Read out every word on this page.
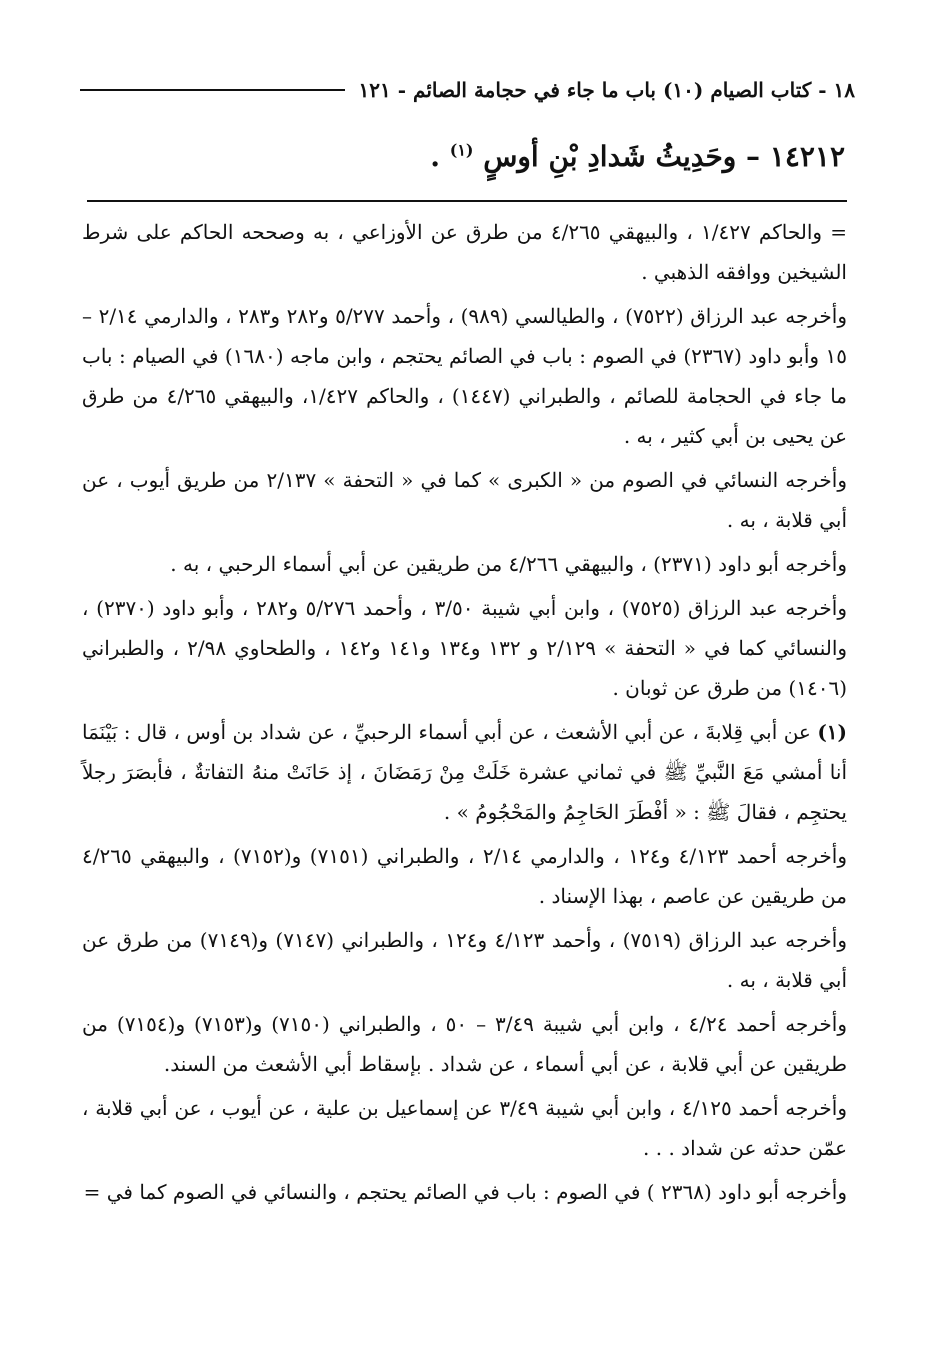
١٨ - كتاب الصيام (١٠) باب ما جاء في حجامة الصائم
-
١٢١
١٤٢١٢ – وحَدِيثُ شَدادِ بْنِ أوسٍ $^{(١)}$ .

= والحاكم ١/٤٢٧ ، والبيهقي ٤/٢٦٥ من طرق عن الأوزاعي ، به وصححه الحاكم على شرط الشيخين ووافقه الذهبي .

وأخرجه عبد الرزاق (٧٥٢٢) ، والطيالسي (٩٨٩) ، وأحمد ٥/٢٧٧ و٢٨٢ و٢٨٣ ، والدارمي ٢/١٤ – ١٥ وأبو داود (٢٣٦٧) في الصوم : باب في الصائم يحتجم ، وابن ماجه (١٦٨٠) في الصيام : باب ما جاء في الحجامة للصائم ، والطبراني (١٤٤٧) ، والحاكم ١/٤٢٧، والبيهقي ٤/٢٦٥ من طرق عن يحيى بن أبي كثير ، به .

وأخرجه النسائي في الصوم من « الكبرى » كما في « التحفة » ٢/١٣٧ من طريق أيوب ، عن أبي قلابة ، به .

وأخرجه أبو داود (٢٣٧١) ، والبيهقي ٤/٢٦٦ من طريقين عن أبي أسماء الرحبي ، به .

وأخرجه عبد الرزاق (٧٥٢٥) ، وابن أبي شيبة ٣/٥٠ ، وأحمد ٥/٢٧٦ و٢٨٢ ، وأبو داود (٢٣٧٠) ، والنسائي كما في « التحفة » ٢/١٢٩ و ١٣٢ و١٣٤ و١٤١ و١٤٢ ، والطحاوي ٢/٩٨ ، والطبراني (١٤٠٦) من طرق عن ثوبان .

(١) عن أبي قِلابةَ ، عن أبي الأشعث ، عن أبي أسماء الرحبيِّ ، عن شداد بن أوس ، قال : بَيْنَمَا أنا أمشي مَعَ النَّبيِّ ﷺ في ثماني عشرة خَلَتْ مِنْ رَمَضَانَ ، إذ حَانَتْ منهُ التفاتةٌ ، فأبصَرَ رجلاً يحتجِم ، فقالَ ﷺ : « أفْطَرَ الحَاجِمُ والمَحْجُومُ » .

وأخرجه أحمد ٤/١٢٣ و١٢٤ ، والدارمي ٢/١٤ ، والطبراني (٧١٥١) و(٧١٥٢) ، والبيهقي ٤/٢٦٥ من طريقين عن عاصم ، بهذا الإسناد .

وأخرجه عبد الرزاق (٧٥١٩) ، وأحمد ٤/١٢٣ و١٢٤ ، والطبراني (٧١٤٧) و(٧١٤٩) من طرق عن أبي قلابة ، به .

وأخرجه أحمد ٤/٢٤ ، وابن أبي شيبة ٣/٤٩ – ٥٠ ، والطبراني (٧١٥٠) و(٧١٥٣) و(٧١٥٤) من طريقين عن أبي قلابة ، عن أبي أسماء ، عن شداد . بإسقاط أبي الأشعث من السند.

وأخرجه أحمد ٤/١٢٥ ، وابن أبي شيبة ٣/٤٩ عن إسماعيل بن علية ، عن أيوب ، عن أبي قلابة ، عمّن حدثه عن شداد . . .

وأخرجه أبو داود (٢٣٦٨ ) في الصوم : باب في الصائم يحتجم ، والنسائي في الصوم كما في =
